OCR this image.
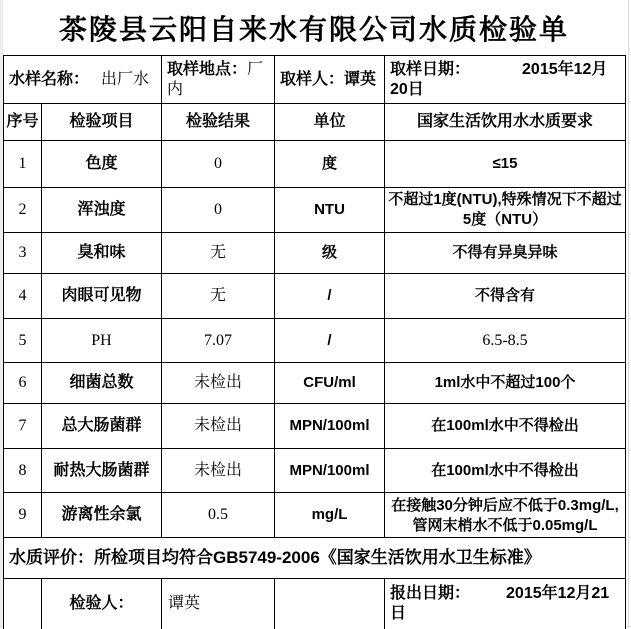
茶陵县云阳自来水有限公司水质检验单
水样名称： 出厂水		取样地点：厂内	取样人：谭英	取样日期： 2015年12月20日
序号	检验项目	检验结果	单位	国家生活饮用水水质要求
1	色度	0	度	≤15
2	浑浊度	0	NTU	不超过1度(NTU),特殊情况下不超过5度（NTU）
3	臭和味	无	级	不得有异臭异味
4	肉眼可见物	无	/	不得含有
5	PH	7.07	/	6.5-8.5
6	细菌总数	未检出	CFU/ml	1ml水中不超过100个
7	总大肠菌群	未检出	MPN/100ml	在100ml水中不得检出
8	耐热大肠菌群	未检出	MPN/100ml	在100ml水中不得检出
9	游离性余氯	0.5	mg/L	在接触30分钟后应不低于0.3mg/L,管网末梢水不低于0.05mg/L

水质评价：所检项目均符合GB5749-2006《国家生活饮用水卫生标准》				
	检验人：	谭英		报出日期： 2015年12月21日
